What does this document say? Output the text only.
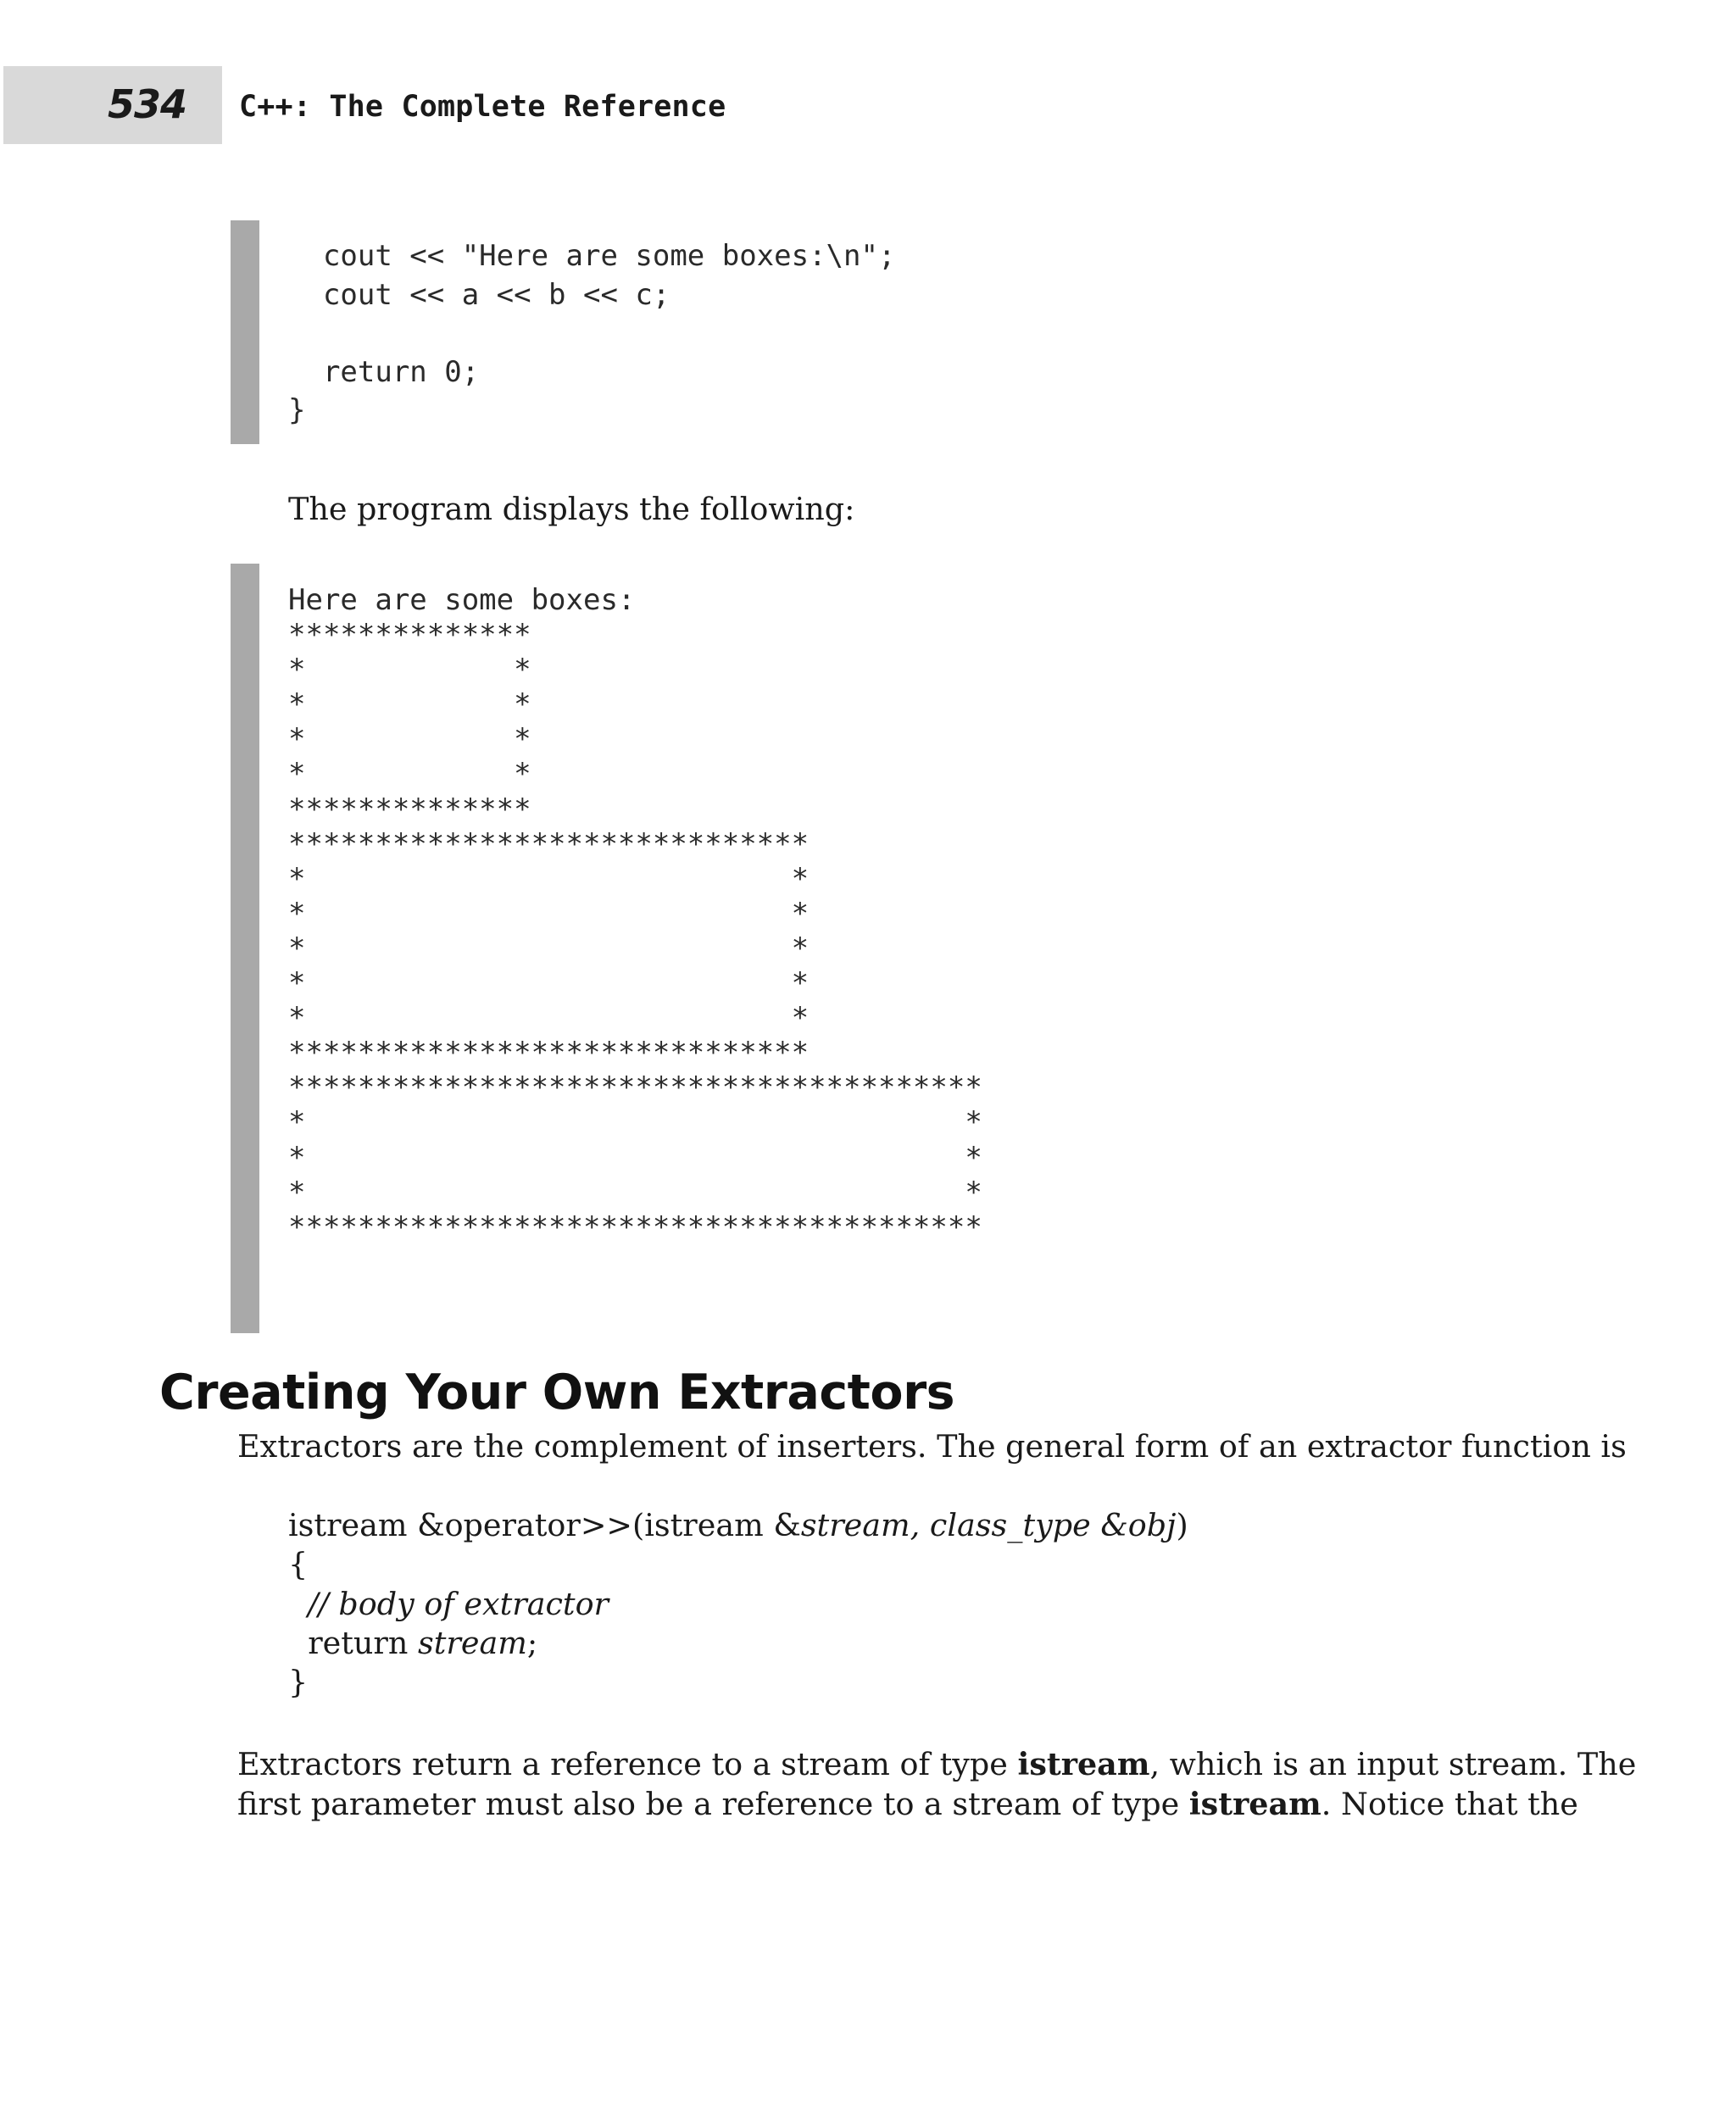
534 C++: The Complete Reference
cout << "Here are some boxes:\n";
cout << a << b << c;

return 0;
}

The program displays the following:

Here are some boxes:
**************
*            *
*            *
*            *
*            *
**************
******************************
*                            *
*                            *
*                            *
*                            *
*                            *
******************************
****************************************
*                                      *
*                                      *
*                                      *
****************************************
Creating Your Own Extractors

Extractors are the complement of inserters. The general form of an extractor function is

istream &operator>>(istream &stream, class_type &obj)
{
// body of extractor
return stream;
}

Extractors return a reference to a stream of type istream, which is an input stream. The
first parameter must also be a reference to a stream of type istream. Notice that the
